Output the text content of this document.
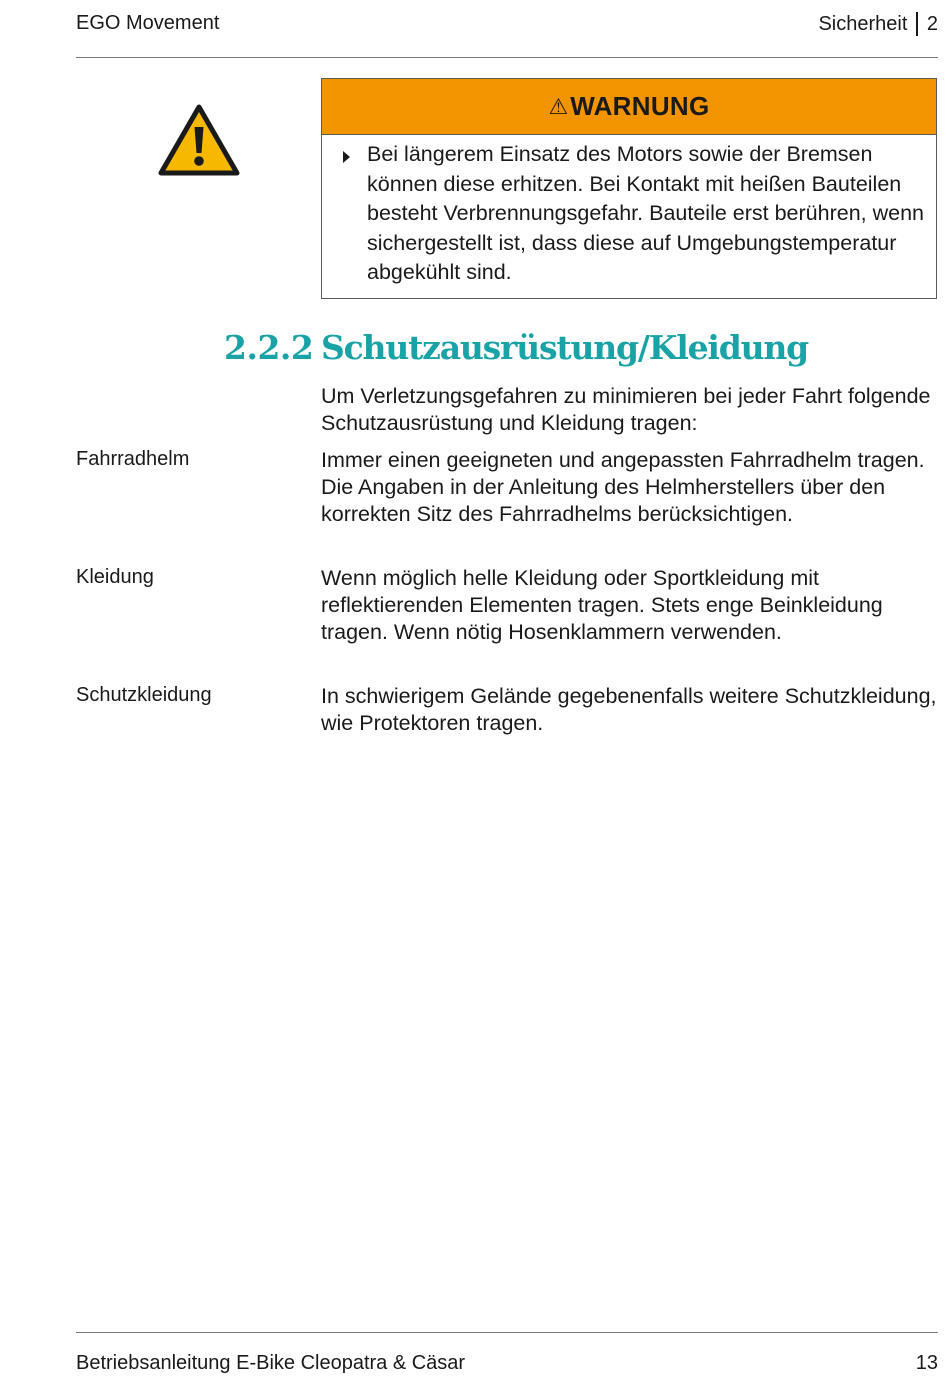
EGO Movement	Sicherheit 2
⚠ WARNUNG
Bei längerem Einsatz des Motors sowie der Bremsen können diese erhitzen. Bei Kontakt mit heißen Bauteilen besteht Verbrennungsgefahr. Bauteile erst berühren, wenn sichergestellt ist, dass diese auf Umgebungstemperatur abgekühlt sind.
2.2.2 Schutzausrüstung/Kleidung
Um Verletzungsgefahren zu minimieren bei jeder Fahrt folgende Schutzausrüstung und Kleidung tragen:
Fahrradhelm	Immer einen geeigneten und angepassten Fahrradhelm tragen. Die Angaben in der Anleitung des Helmherstellers über den korrekten Sitz des Fahrradhelms berücksichtigen.
Kleidung	Wenn möglich helle Kleidung oder Sportkleidung mit reflektierenden Elementen tragen. Stets enge Beinkleidung tragen. Wenn nötig Hosenklammern verwenden.
Schutzkleidung	In schwierigem Gelände gegebenenfalls weitere Schutzkleidung, wie Protektoren tragen.
Betriebsanleitung E-Bike Cleopatra & Cäsar	13
